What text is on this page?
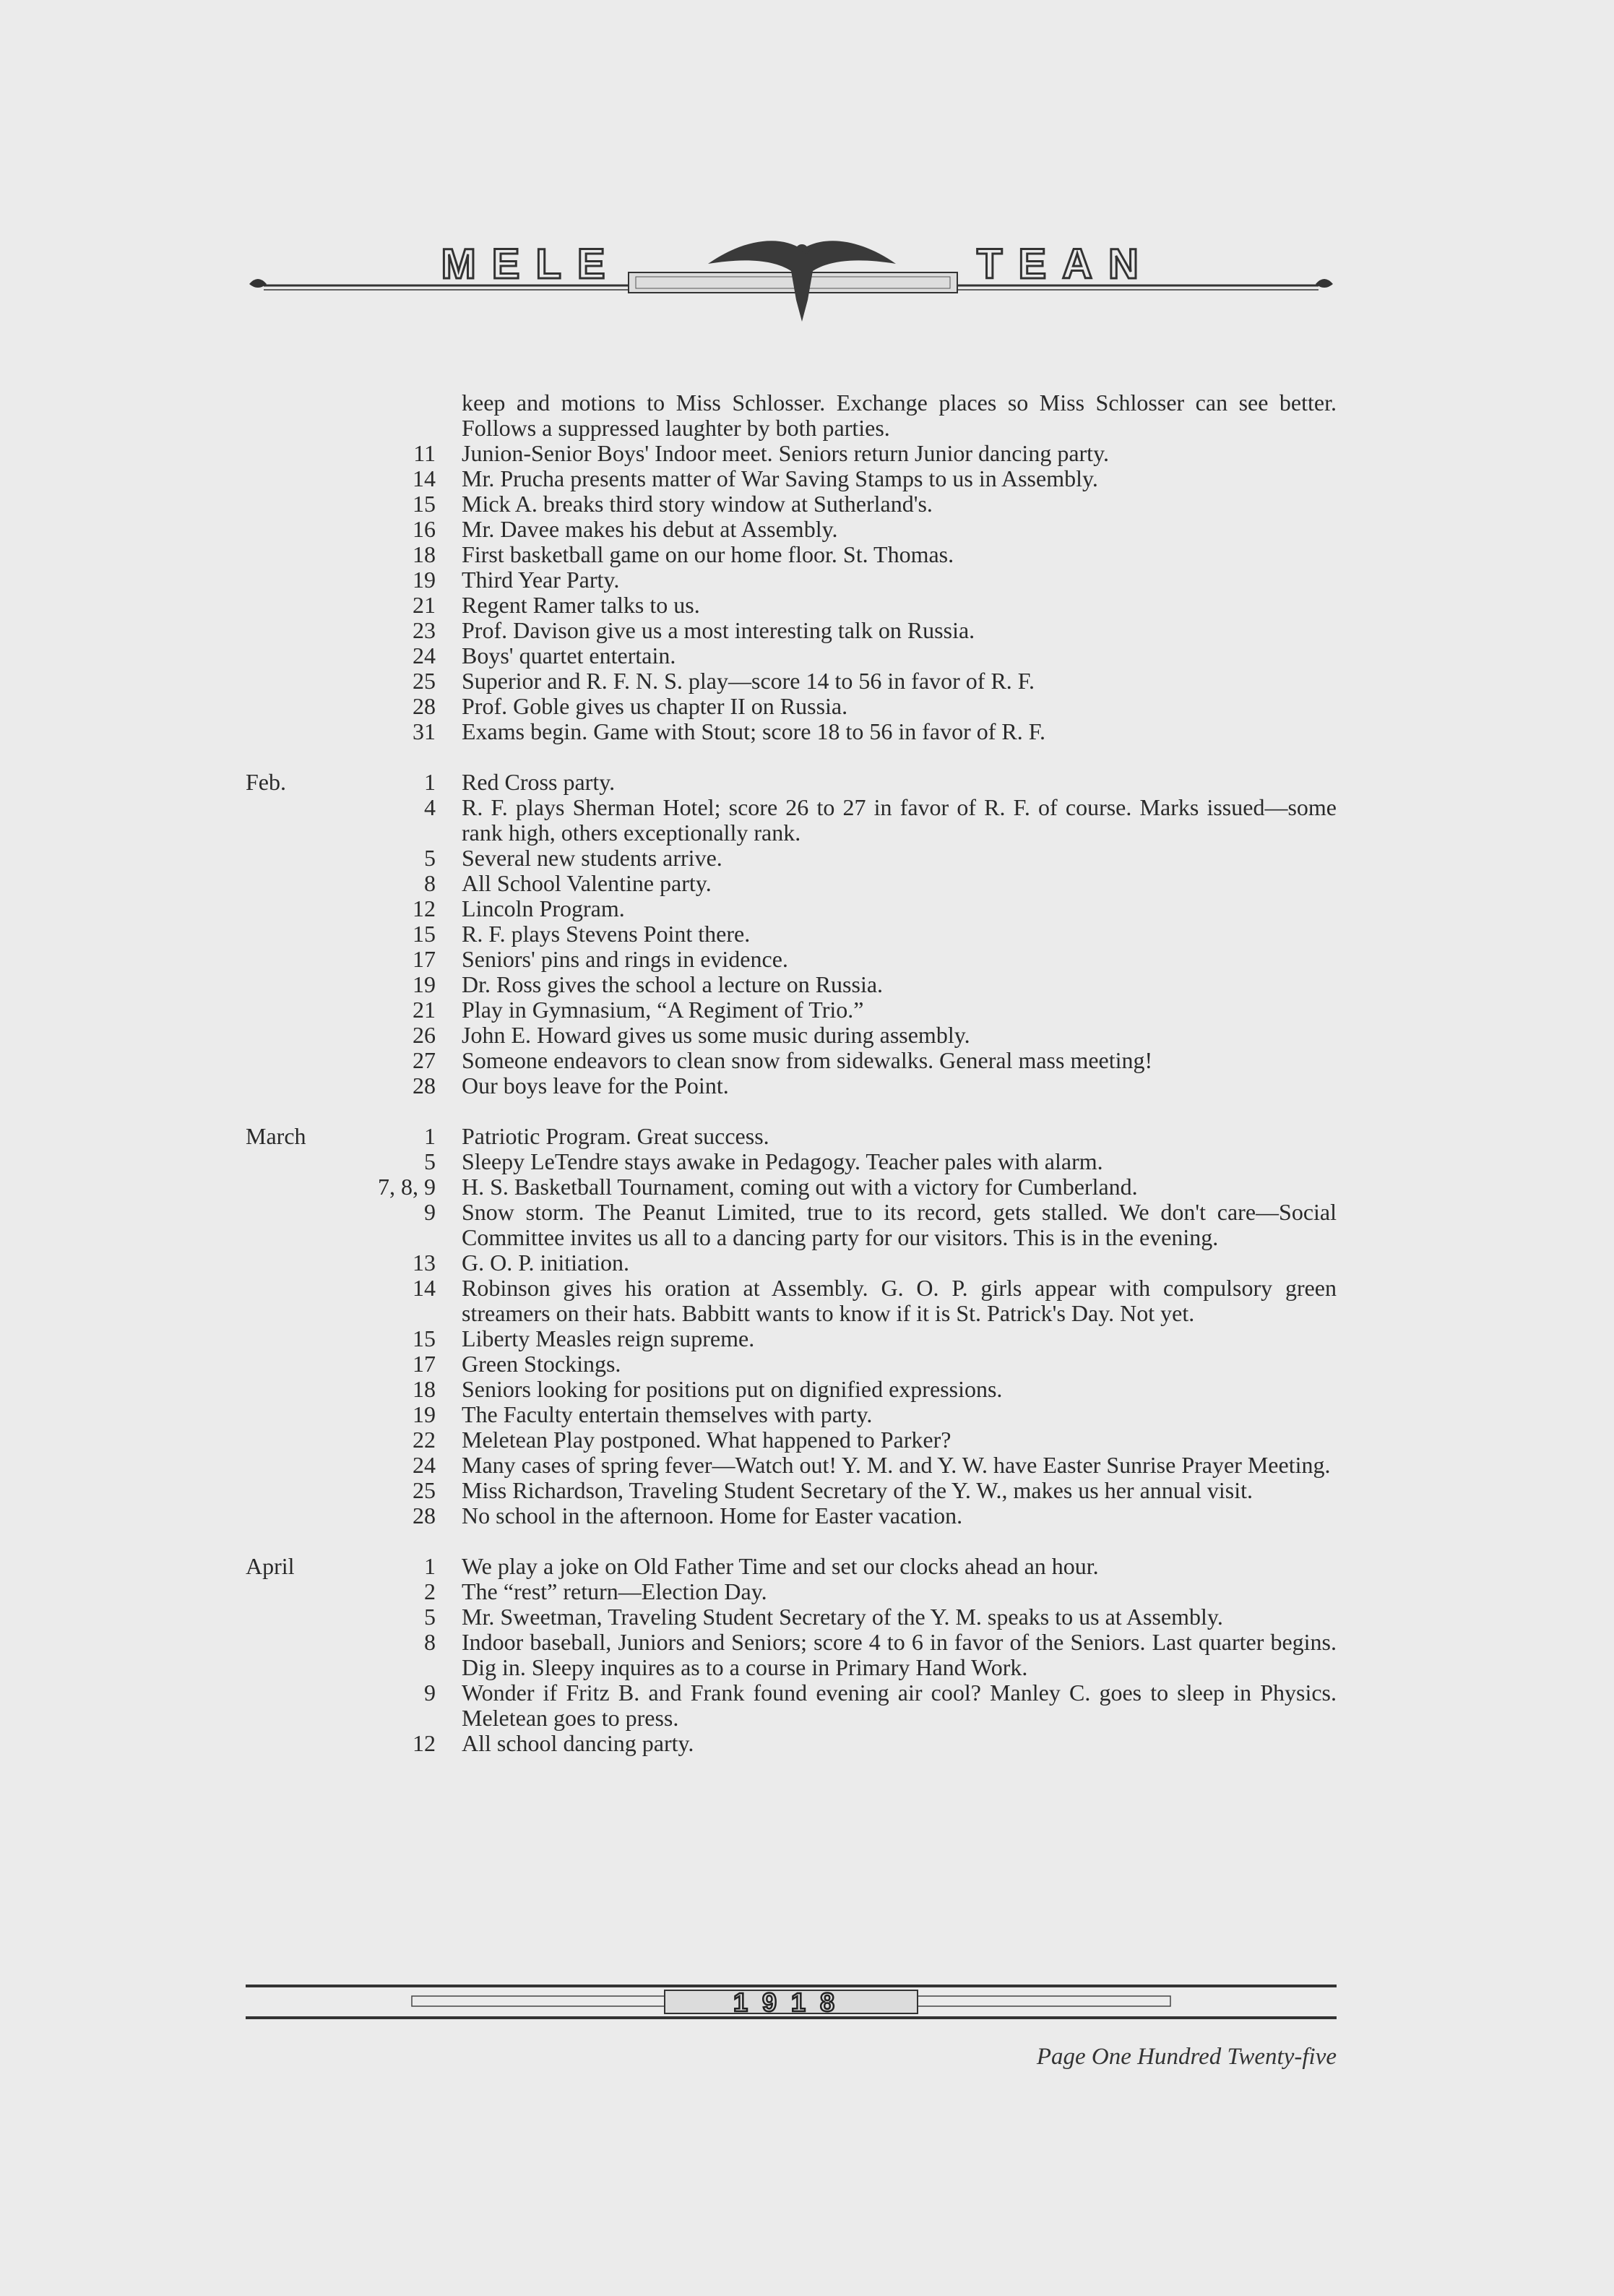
MELE	TEAN
keep and motions to Miss Schlosser. Exchange places so Miss Schlosser can see better. Follows a suppressed laughter by both parties.
11 Junion-Senior Boys' Indoor meet. Seniors return Junior dancing party.
14 Mr. Prucha presents matter of War Saving Stamps to us in Assembly.
15 Mick A. breaks third story window at Sutherland's.
16 Mr. Davee makes his debut at Assembly.
18 First basketball game on our home floor. St. Thomas.
19 Third Year Party.
21 Regent Ramer talks to us.
23 Prof. Davison give us a most interesting talk on Russia.
24 Boys' quartet entertain.
25 Superior and R. F. N. S. play—score 14 to 56 in favor of R. F.
28 Prof. Goble gives us chapter II on Russia.
31 Exams begin. Game with Stout; score 18 to 56 in favor of R. F.
Feb.	1 Red Cross party.
4 R. F. plays Sherman Hotel; score 26 to 27 in favor of R. F. of course. Marks issued—some rank high, others exceptionally rank.
5 Several new students arrive.
8 All School Valentine party.
12 Lincoln Program.
15 R. F. plays Stevens Point there.
17 Seniors' pins and rings in evidence.
19 Dr. Ross gives the school a lecture on Russia.
21 Play in Gymnasium, “A Regiment of Trio.”
26 John E. Howard gives us some music during assembly.
27 Someone endeavors to clean snow from sidewalks. General mass meeting!
28 Our boys leave for the Point.
March	1 Patriotic Program. Great success.
5 Sleepy LeTendre stays awake in Pedagogy. Teacher pales with alarm.
7, 8, 9 H. S. Basketball Tournament, coming out with a victory for Cumberland.
9 Snow storm. The Peanut Limited, true to its record, gets stalled. We don't care—Social Committee invites us all to a dancing party for our visitors. This is in the evening.
13 G. O. P. initiation.
14 Robinson gives his oration at Assembly. G. O. P. girls appear with compulsory green streamers on their hats. Babbitt wants to know if it is St. Patrick's Day. Not yet.
15 Liberty Measles reign supreme.
17 Green Stockings.
18 Seniors looking for positions put on dignified expressions.
19 The Faculty entertain themselves with party.
22 Meletean Play postponed. What happened to Parker?
24 Many cases of spring fever—Watch out! Y. M. and Y. W. have Easter Sunrise Prayer Meeting.
25 Miss Richardson, Traveling Student Secretary of the Y. W., makes us her annual visit.
28 No school in the afternoon. Home for Easter vacation.
April	1 We play a joke on Old Father Time and set our clocks ahead an hour.
2 The “rest” return—Election Day.
5 Mr. Sweetman, Traveling Student Secretary of the Y. M. speaks to us at Assembly.
8 Indoor baseball, Juniors and Seniors; score 4 to 6 in favor of the Seniors. Last quarter begins. Dig in. Sleepy inquires as to a course in Primary Hand Work.
9 Wonder if Fritz B. and Frank found evening air cool? Manley C. goes to sleep in Physics. Meletean goes to press.
12 All school dancing party.
1918
Page One Hundred Twenty-five
